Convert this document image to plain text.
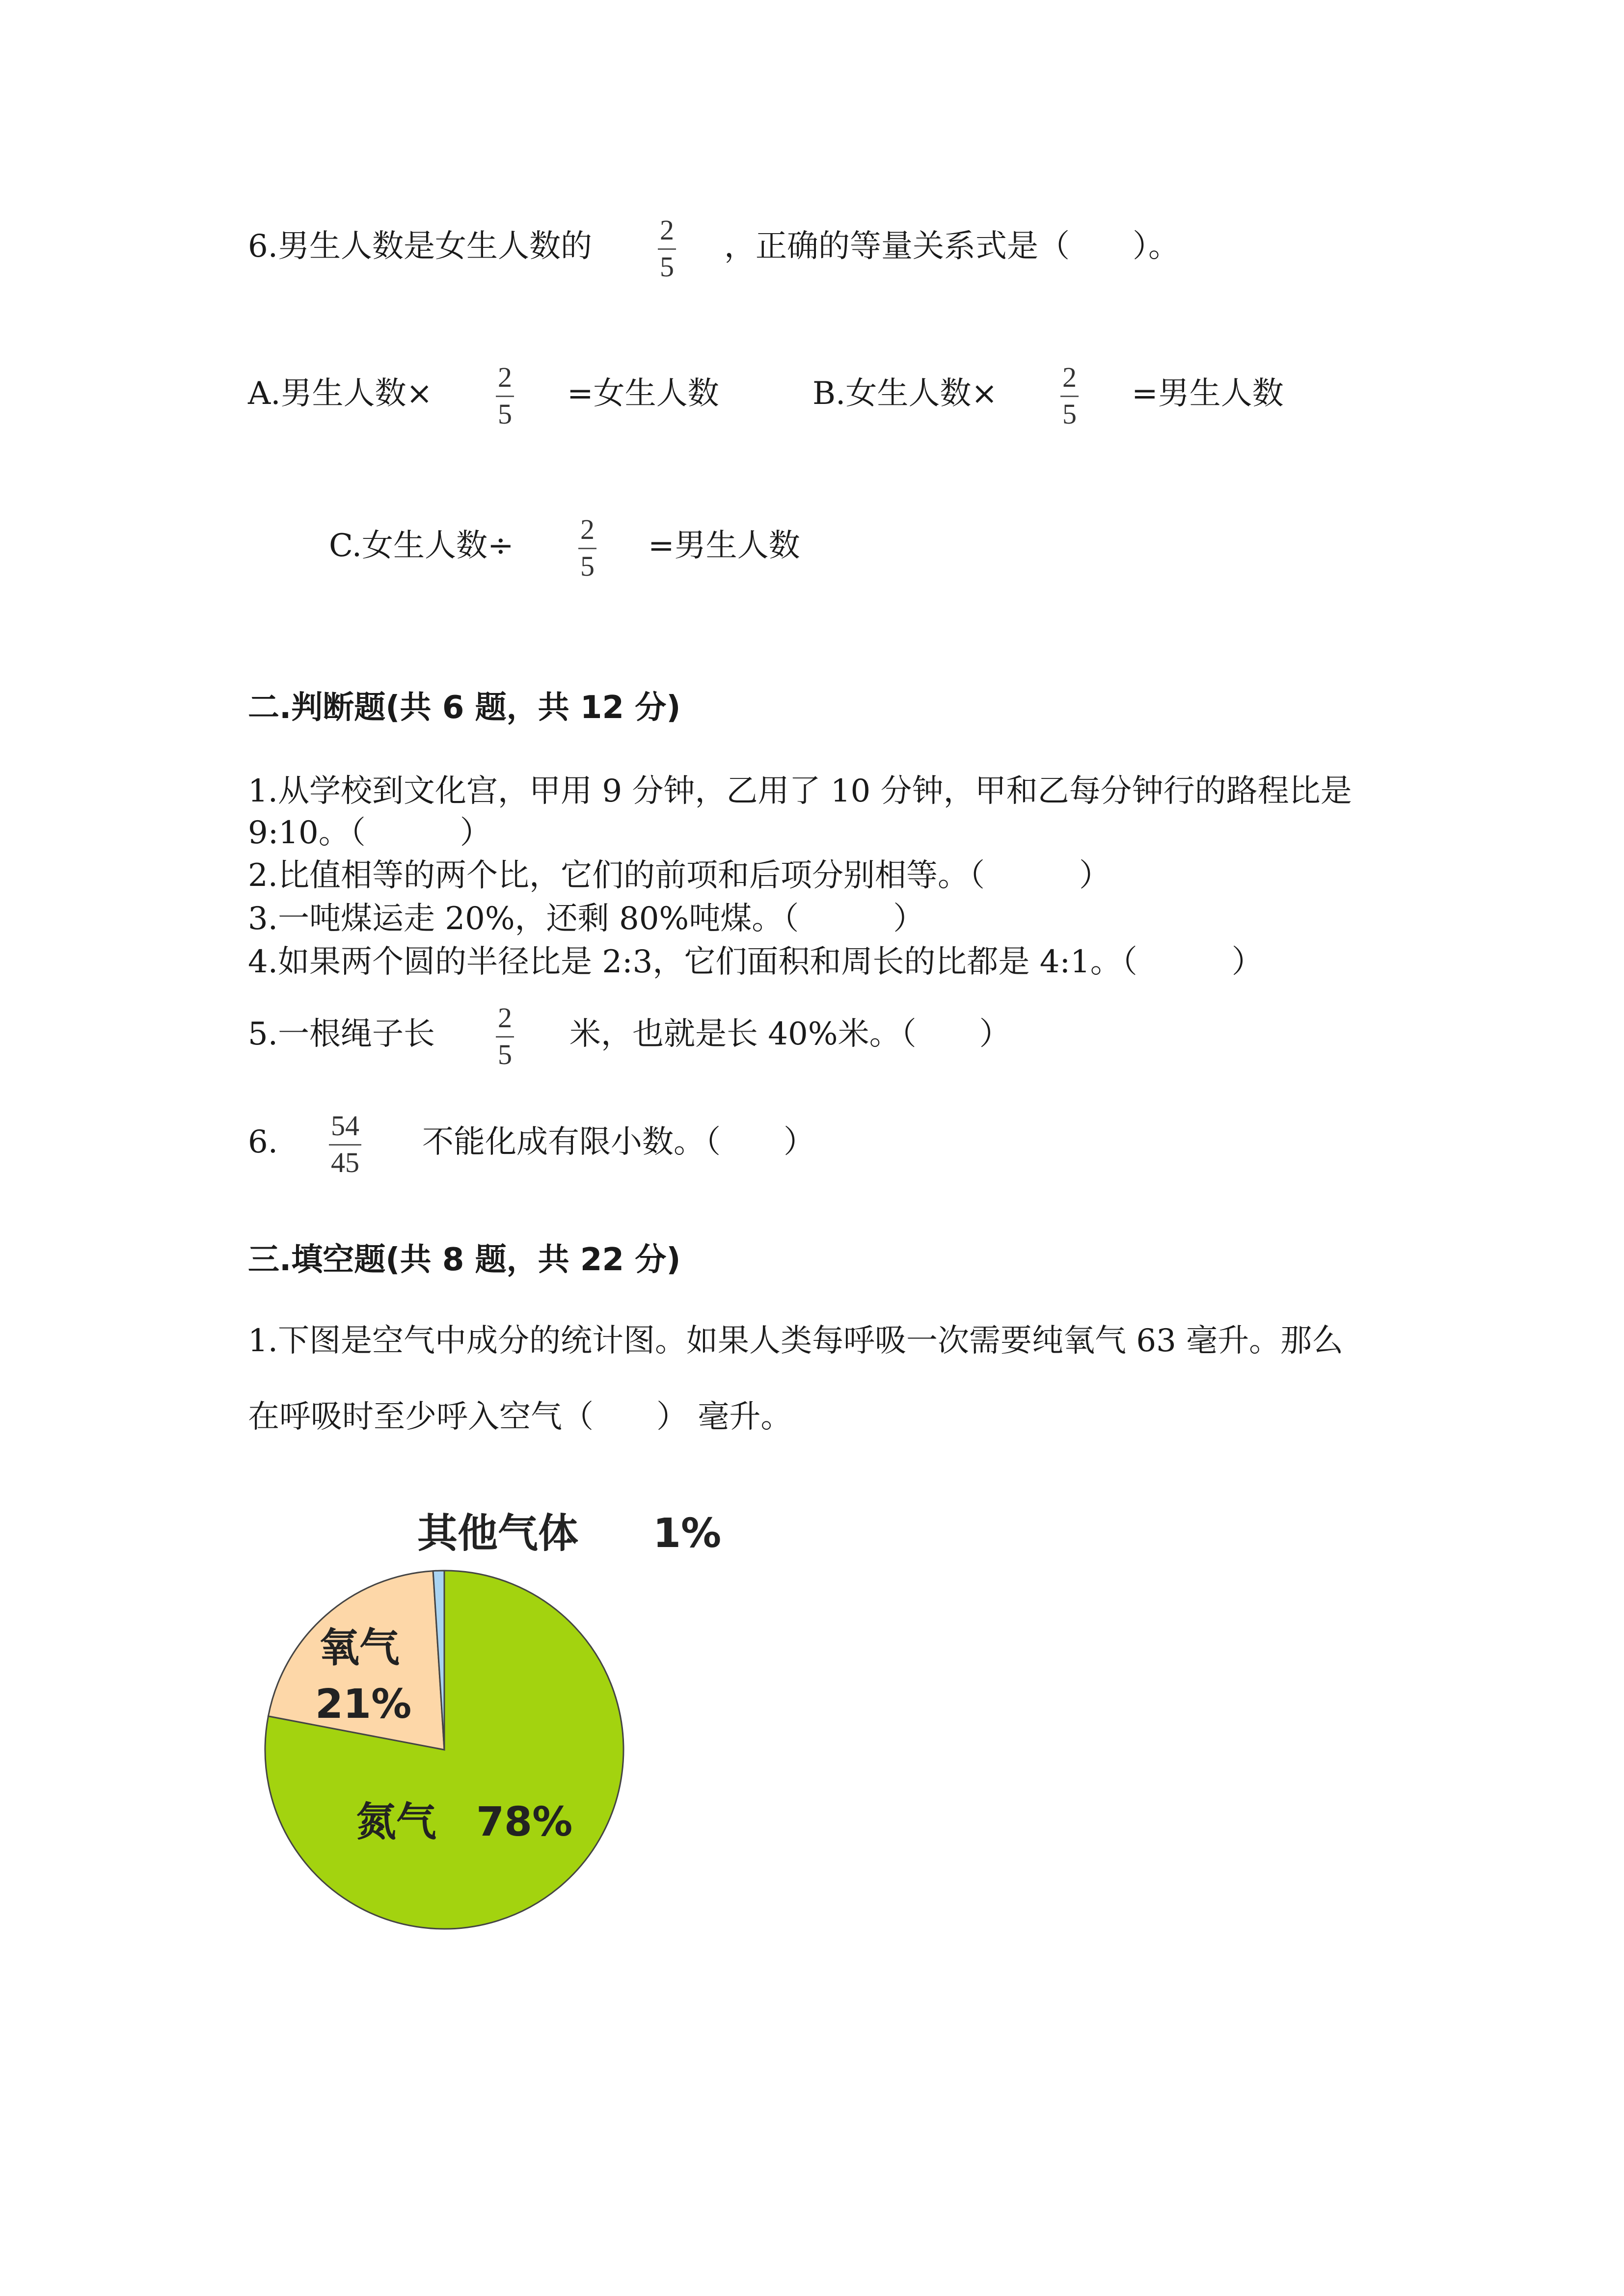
6.男生人数是女生人数的 2
5
，正确的等量关系式是（　　）。
A.男生人数× 2
5
=女生人数	B.女生人数× 2
5
=男生人数
C.女生人数÷ 2
5
=男生人数
二.判断题(共 6 题，共 12 分)
1.从学校到文化宫，甲用 9 分钟，乙用了 10 分钟，甲和乙每分钟行的路程比是
9:10。（　　　）
2.比值相等的两个比，它们的前项和后项分别相等。（　　　）
3.一吨煤运走 20%，还剩 80%吨煤。（　　　）
4.如果两个圆的半径比是 2:3，它们面积和周长的比都是 4:1。（　　　）
5.一根绳子长 2
5
米，也就是长 40%米。（　　）
6. 54
45
不能化成有限小数。（　　）
三.填空题(共 8 题，共 22 分)
1.下图是空气中成分的统计图。如果人类每呼吸一次需要纯氧气 63 毫升。那么
在呼吸时至少呼入空气（　　） 毫升。
其他气体 1%
氧气
21%
氮气 78%
